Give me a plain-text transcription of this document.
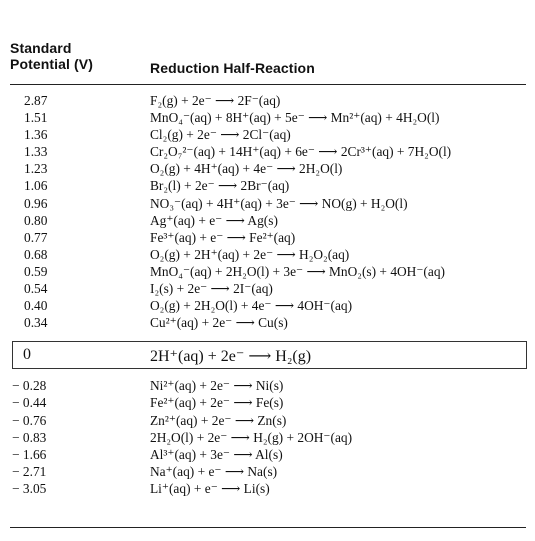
Standard
Potential (V)	Reduction Half-Reaction
2.87	F₂(g) + 2e⁻ ⟶ 2F⁻(aq)
1.51	MnO₄⁻(aq) + 8H⁺(aq) + 5e⁻ ⟶ Mn²⁺(aq) + 4H₂O(l)
1.36	Cl₂(g) + 2e⁻ ⟶ 2Cl⁻(aq)
1.33	Cr₂O₇²⁻(aq) + 14H⁺(aq) + 6e⁻ ⟶ 2Cr³⁺(aq) + 7H₂O(l)
1.23	O₂(g) + 4H⁺(aq) + 4e⁻ ⟶ 2H₂O(l)
1.06	Br₂(l) + 2e⁻ ⟶ 2Br⁻(aq)
0.96	NO₃⁻(aq) + 4H⁺(aq) + 3e⁻ ⟶ NO(g) + H₂O(l)
0.80	Ag⁺(aq) + e⁻ ⟶ Ag(s)
0.77	Fe³⁺(aq) + e⁻ ⟶ Fe²⁺(aq)
0.68	O₂(g) + 2H⁺(aq) + 2e⁻ ⟶ H₂O₂(aq)
0.59	MnO₄⁻(aq) + 2H₂O(l) + 3e⁻ ⟶ MnO₂(s) + 4OH⁻(aq)
0.54	I₂(s) + 2e⁻ ⟶ 2I⁻(aq)
0.40	O₂(g) + 2H₂O(l) + 4e⁻ ⟶ 4OH⁻(aq)
0.34	Cu²⁺(aq) + 2e⁻ ⟶ Cu(s)
0	2H⁺(aq) + 2e⁻ ⟶ H₂(g)
− 0.28	Ni²⁺(aq) + 2e⁻ ⟶ Ni(s)
− 0.44	Fe²⁺(aq) + 2e⁻ ⟶ Fe(s)
− 0.76	Zn²⁺(aq) + 2e⁻ ⟶ Zn(s)
− 0.83	2H₂O(l) + 2e⁻ ⟶ H₂(g) + 2OH⁻(aq)
− 1.66	Al³⁺(aq) + 3e⁻ ⟶ Al(s)
− 2.71	Na⁺(aq) + e⁻ ⟶ Na(s)
− 3.05	Li⁺(aq) + e⁻ ⟶ Li(s)
